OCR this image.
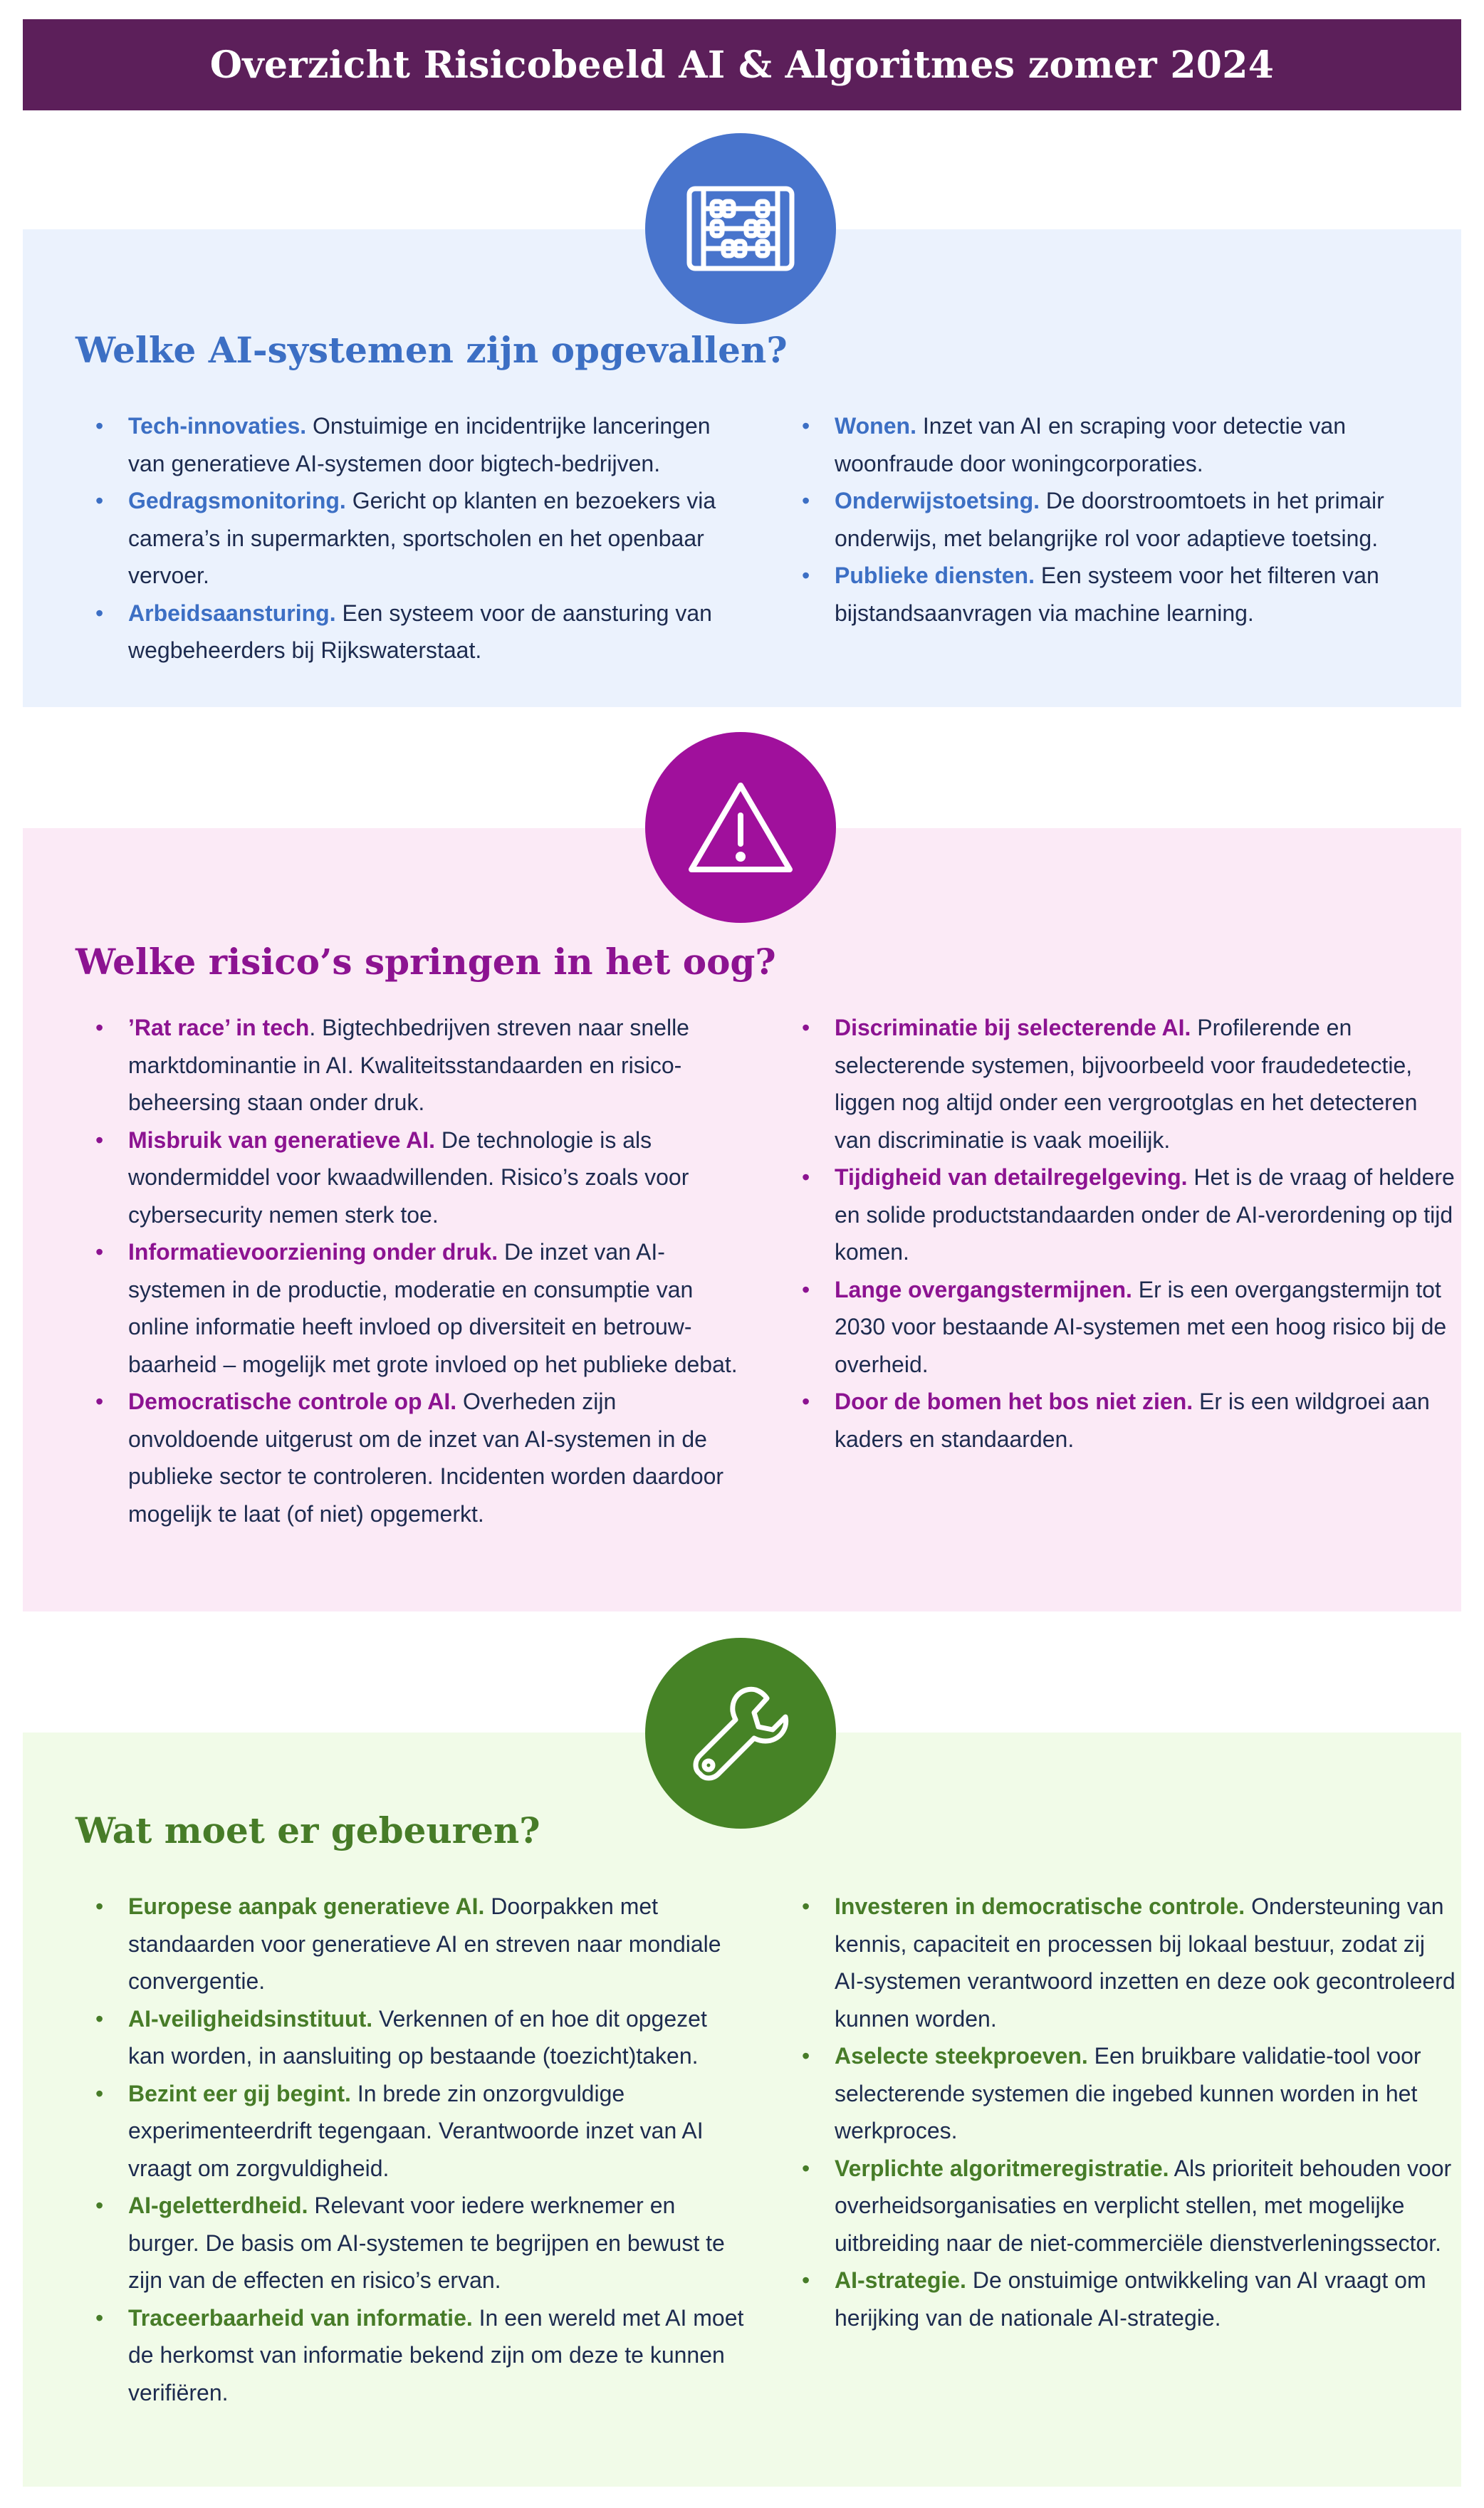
Overzicht Risicobeeld AI & Algoritmes zomer 2024
Welke AI-systemen zijn opgevallen?
• Tech-innovaties. Onstuimige en incidentrijke lanceringen van generatieve AI-systemen door bigtech-bedrijven.
• Gedragsmonitoring. Gericht op klanten en bezoekers via camera’s in supermarkten, sportscholen en het openbaar vervoer.
• Arbeidsaansturing. Een systeem voor de aansturing van wegbeheerders bij Rijkswaterstaat.
• Wonen. Inzet van AI en scraping voor detectie van woonfraude door woningcorporaties.
• Onderwijstoetsing. De doorstroomtoets in het primair onderwijs, met belangrijke rol voor adaptieve toetsing.
• Publieke diensten. Een systeem voor het filteren van bijstandsaanvragen via machine learning.
Welke risico’s springen in het oog?
• ’Rat race’ in tech. Bigtechbedrijven streven naar snelle marktdominantie in AI. Kwaliteitsstandaarden en risico-beheersing staan onder druk.
• Misbruik van generatieve AI. De technologie is als wondermiddel voor kwaadwillenden. Risico’s zoals voor cybersecurity nemen sterk toe.
• Informatievoorziening onder druk. De inzet van AI-systemen in de productie, moderatie en consumptie van online informatie heeft invloed op diversiteit en betrouw-baarheid – mogelijk met grote invloed op het publieke debat.
• Democratische controle op AI. Overheden zijn onvoldoende uitgerust om de inzet van AI-systemen in de publieke sector te controleren. Incidenten worden daardoor mogelijk te laat (of niet) opgemerkt.
• Discriminatie bij selecterende AI. Profilerende en selecterende systemen, bijvoorbeeld voor fraudedetectie, liggen nog altijd onder een vergrootglas en het detecteren van discriminatie is vaak moeilijk.
• Tijdigheid van detailregelgeving. Het is de vraag of heldere en solide productstandaarden onder de AI-verordening op tijd komen.
• Lange overgangstermijnen. Er is een overgangstermijn tot 2030 voor bestaande AI-systemen met een hoog risico bij de overheid.
• Door de bomen het bos niet zien. Er is een wildgroei aan kaders en standaarden.
Wat moet er gebeuren?
• Europese aanpak generatieve AI. Doorpakken met standaarden voor generatieve AI en streven naar mondiale convergentie.
• AI-veiligheidsinstituut. Verkennen of en hoe dit opgezet kan worden, in aansluiting op bestaande (toezicht)taken.
• Bezint eer gij begint. In brede zin onzorgvuldige experimenteerdrift tegengaan. Verantwoorde inzet van AI vraagt om zorgvuldigheid.
• AI-geletterdheid. Relevant voor iedere werknemer en burger. De basis om AI-systemen te begrijpen en bewust te zijn van de effecten en risico’s ervan.
• Traceerbaarheid van informatie. In een wereld met AI moet de herkomst van informatie bekend zijn om deze te kunnen verifiëren.
• Investeren in democratische controle. Ondersteuning van kennis, capaciteit en processen bij lokaal bestuur, zodat zij AI-systemen verantwoord inzetten en deze ook gecontroleerd kunnen worden.
• Aselecte steekproeven. Een bruikbare validatie-tool voor selecterende systemen die ingebed kunnen worden in het werkproces.
• Verplichte algoritmeregistratie. Als prioriteit behouden voor overheidsorganisaties en verplicht stellen, met mogelijke uitbreiding naar de niet-commerciële dienstverleningssector.
• AI-strategie. De onstuimige ontwikkeling van AI vraagt om herijking van de nationale AI-strategie.
